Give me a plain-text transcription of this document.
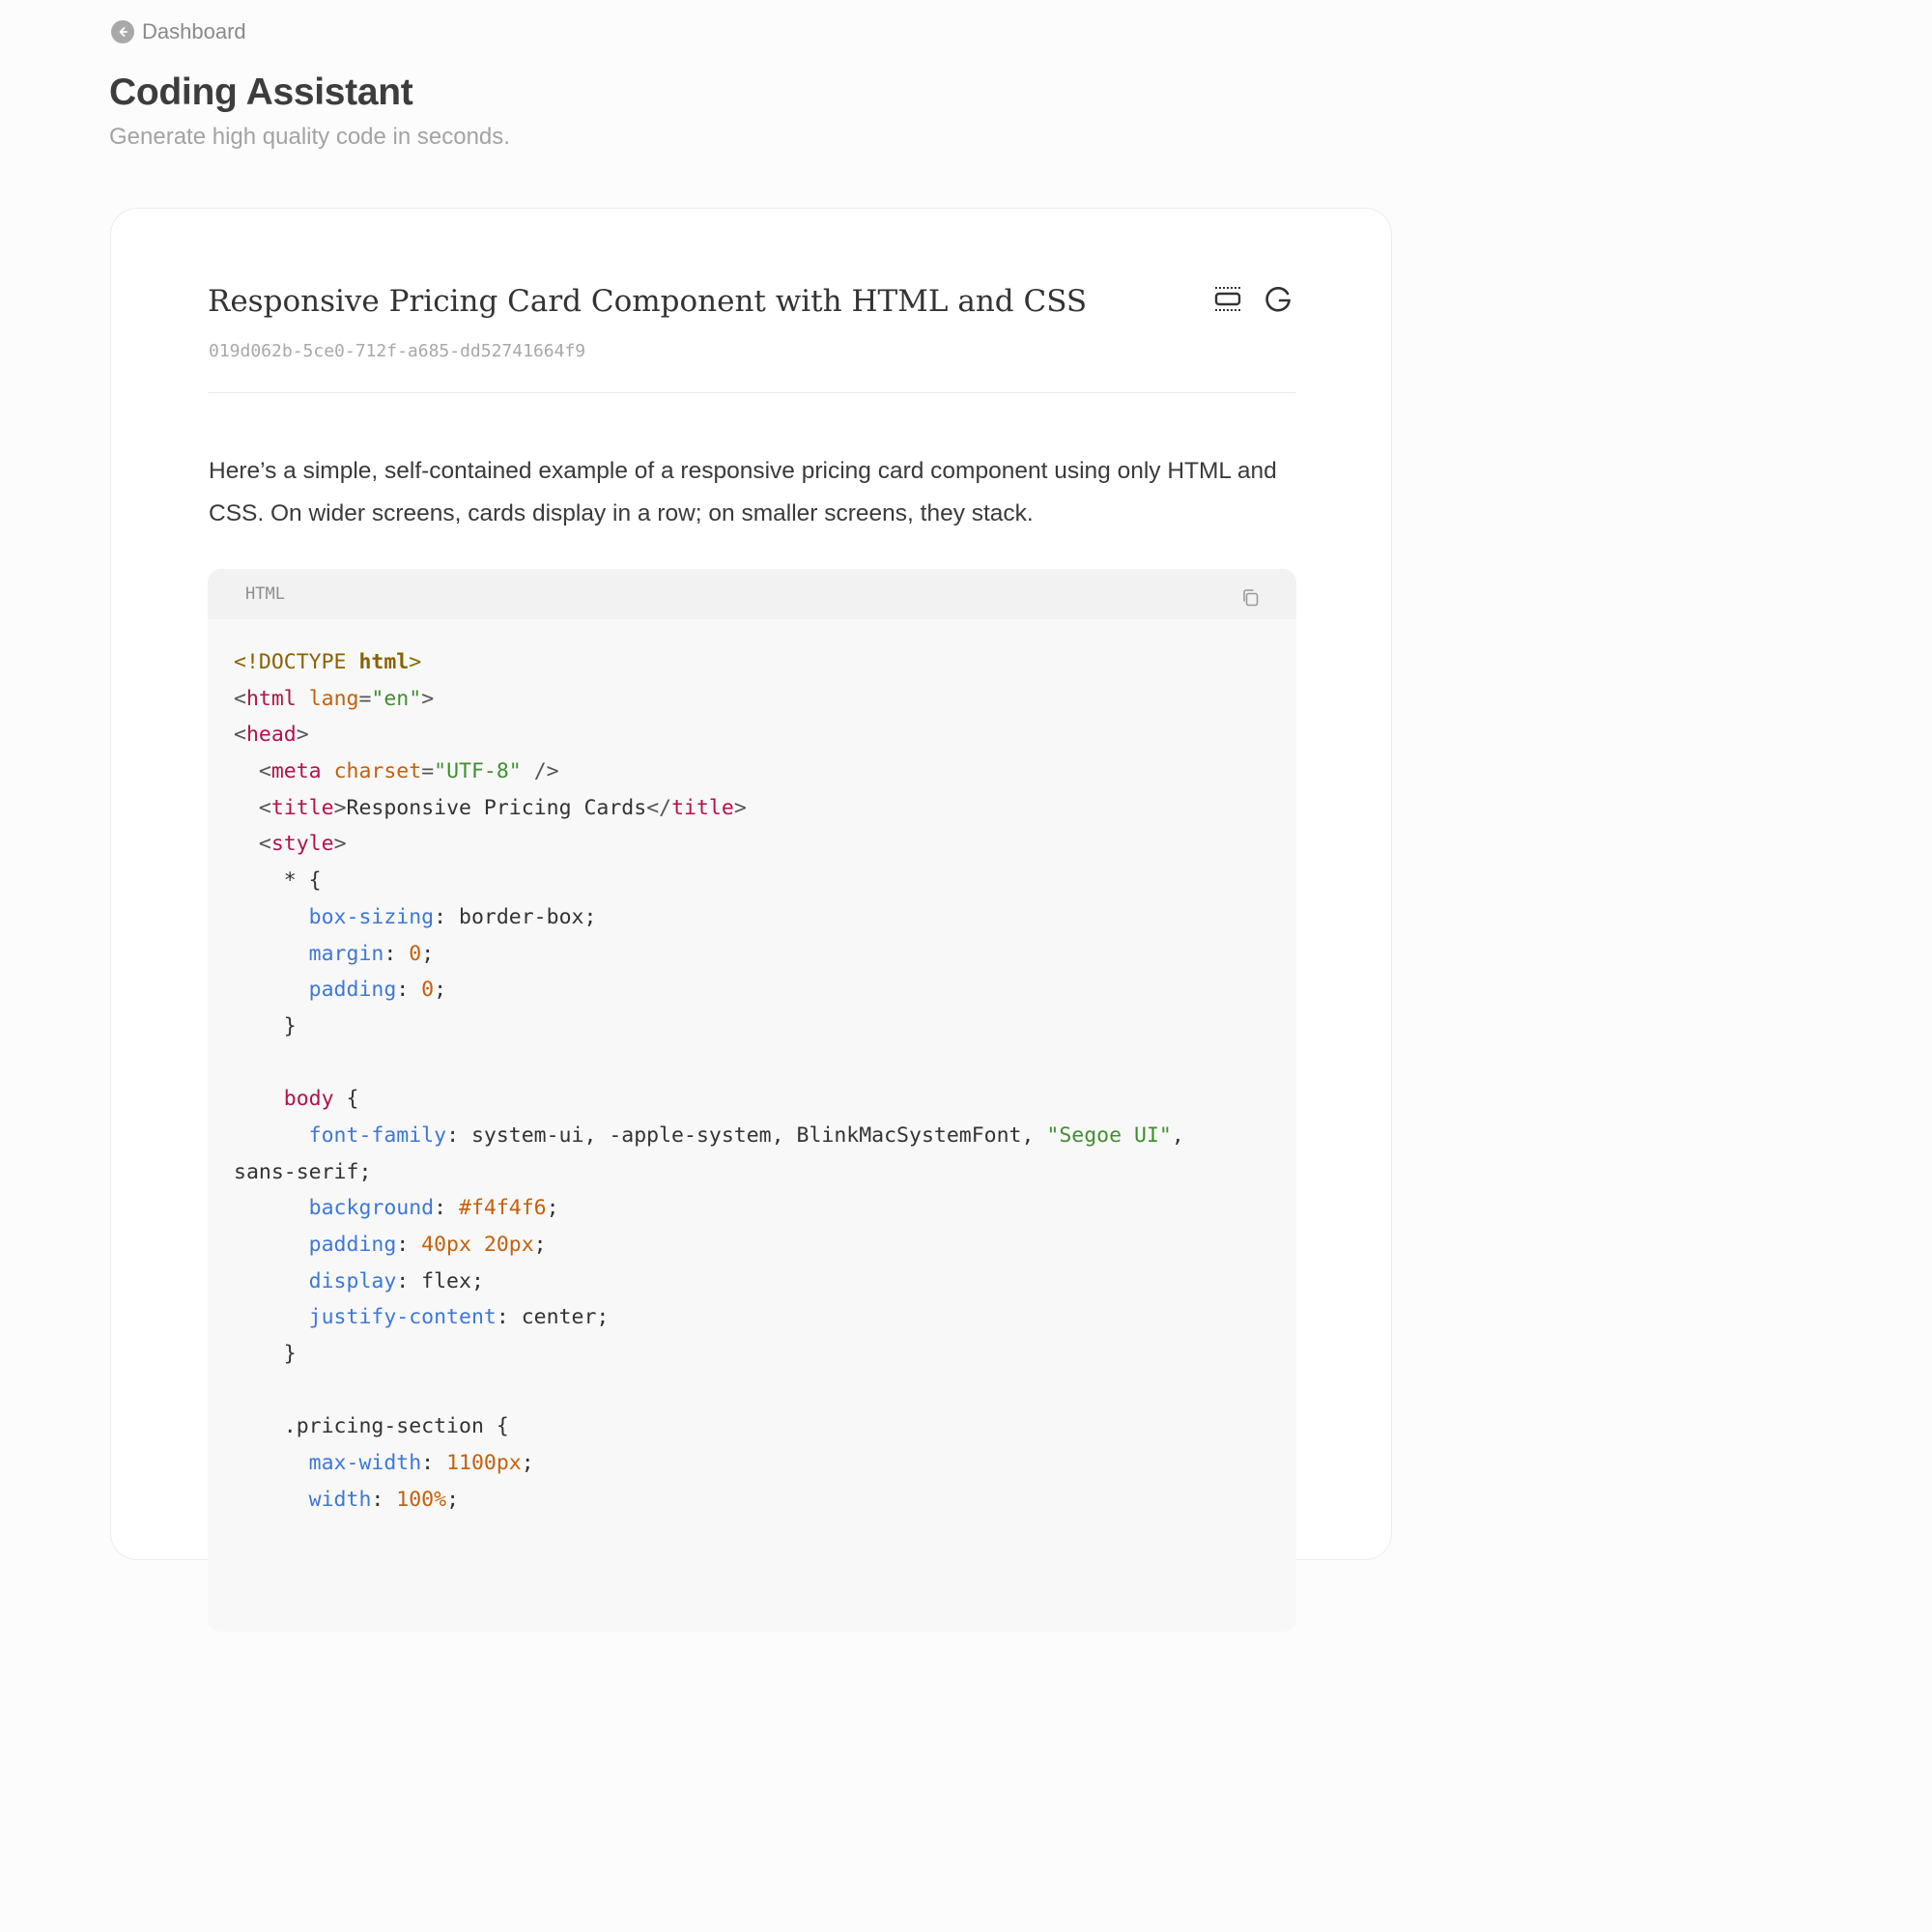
Dashboard
Coding Assistant

Generate high quality code in seconds.

Responsive Pricing Card Component with HTML and CSS
019d062b-5ce0-712f-a685-dd52741664f9

Here’s a simple, self-contained example of a responsive pricing card component using only HTML and CSS. On wider screens, cards display in a row; on smaller screens, they stack.

HTML
<!DOCTYPE html>
<html lang="en">
<head>
<meta charset="UTF-8" />
<title>Responsive Pricing Cards</title>
<style>
* {
box-sizing: border-box;
margin: 0;
padding: 0;
}
body {
font-family: system-ui, -apple-system, BlinkMacSystemFont, "Segoe UI",
sans-serif;
background: #f4f4f6;
padding: 40px 20px;
display: flex;
justify-content: center;
}
.pricing-section {
max-width: 1100px;
width: 100%;
